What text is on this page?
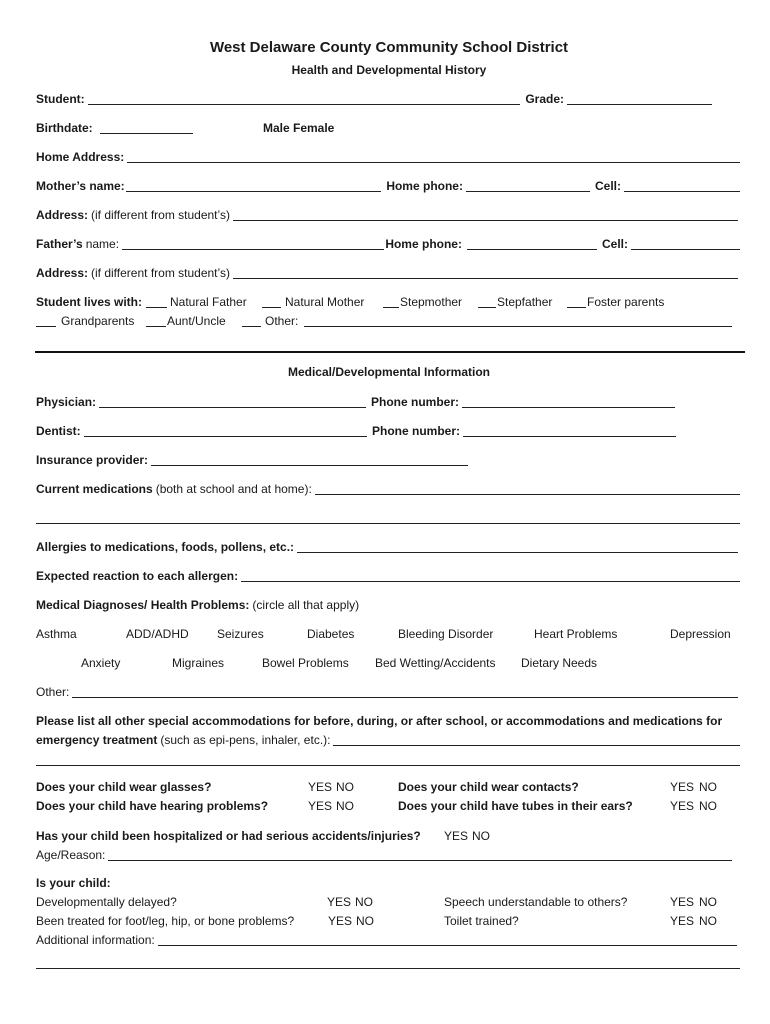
West Delaware County Community School District
Health and Developmental History
Student:	Grade:
Birthdate:	Male Female
Home Address:
Mother’s name:	Home phone:	Cell:
Address: (if different from student’s)
Father’s name:	Home phone:	Cell:
Address: (if different from student’s)
Student lives with: Natural Father	Natural Mother	Stepmother	Stepfather	Foster parents
Grandparents	Aunt/Uncle	Other:
Medical/Developmental Information
Physician:	Phone number:
Dentist:	Phone number:
Insurance provider:
Current medications (both at school and at home):
Allergies to medications, foods, pollens, etc.:
Expected reaction to each allergen:
Medical Diagnoses/ Health Problems: (circle all that apply)
Asthma	ADD/ADHD Seizures	Diabetes	Bleeding Disorder	Heart Problems	Depression
Anxiety	Migraines	Bowel Problems Bed Wetting/Accidents Dietary Needs
Other:
Please list all other special accommodations for before, during, or after school, or accommodations and medications for
emergency treatment (such as epi-pens, inhaler, etc.):
Does your child wear glasses?	YES NO	Does your child wear contacts?	YES NO
Does your child have hearing problems?	YES NO	Does your child have tubes in their ears?	YES NO
Has your child been hospitalized or had serious accidents/injuries? YES NO
Age/Reason:
Is your child:
Developmentally delayed?	YES NO	Speech understandable to others?	YES NO
Been treated for foot/leg, hip, or bone problems?	YES NO	Toilet trained?	YES NO
Additional information:
